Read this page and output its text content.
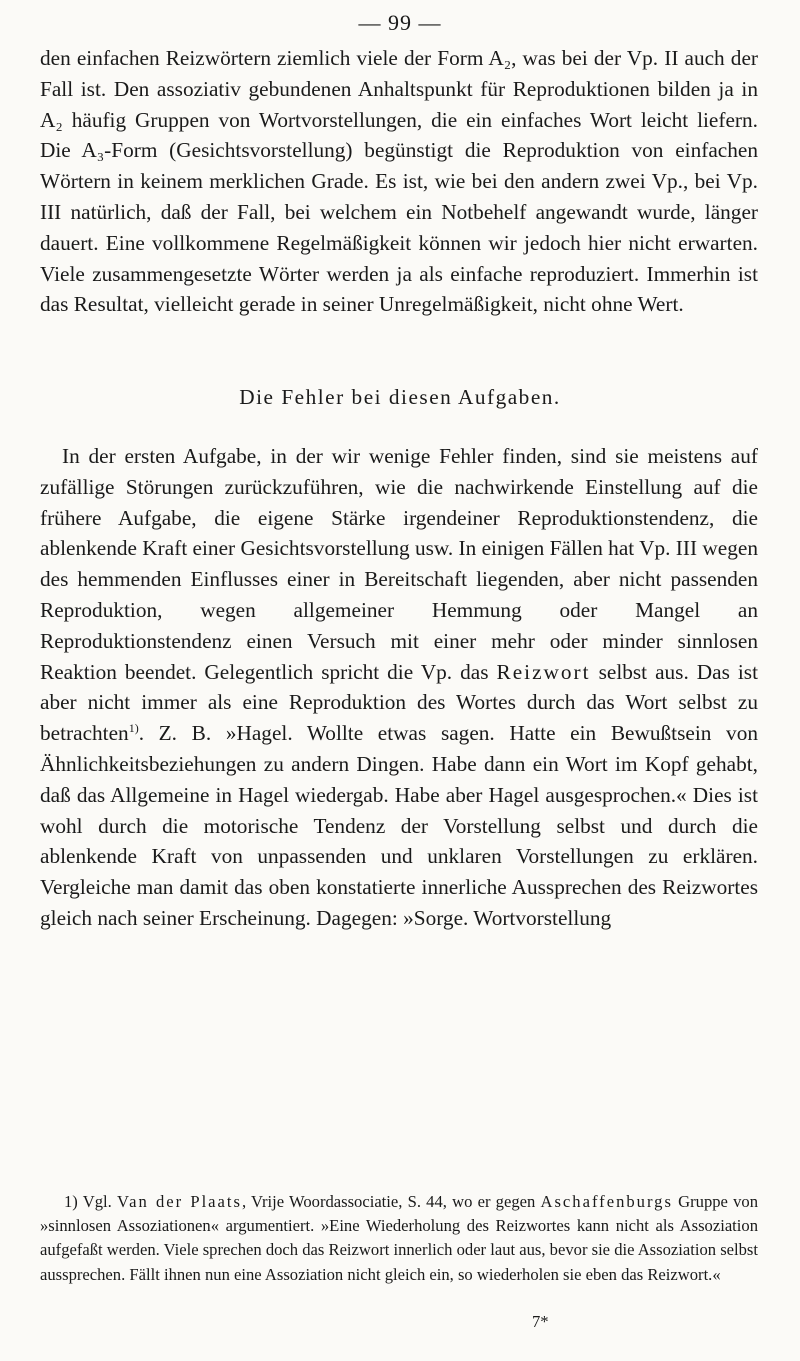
— 99 —

den einfachen Reizwörtern ziemlich viele der Form A₂, was bei der Vp. II auch der Fall ist. Den assoziativ gebundenen Anhaltspunkt für Reproduktionen bilden ja in A₂ häufig Gruppen von Wortvorstellungen, die ein einfaches Wort leicht liefern. Die A₃-Form (Gesichtsvorstellung) begünstigt die Reproduktion von einfachen Wörtern in keinem merklichen Grade. Es ist, wie bei den andern zwei Vp., bei Vp. III natürlich, daß der Fall, bei welchem ein Notbehelf angewandt wurde, länger dauert. Eine vollkommene Regelmäßigkeit können wir jedoch hier nicht erwarten. Viele zusammengesetzte Wörter werden ja als einfache reproduziert. Immerhin ist das Resultat, vielleicht gerade in seiner Unregelmäßigkeit, nicht ohne Wert.

Die Fehler bei diesen Aufgaben.

In der ersten Aufgabe, in der wir wenige Fehler finden, sind sie meistens auf zufällige Störungen zurückzuführen, wie die nachwirkende Einstellung auf die frühere Aufgabe, die eigene Stärke irgendeiner Reproduktionstendenz, die ablenkende Kraft einer Gesichtsvorstellung usw. In einigen Fällen hat Vp. III wegen des hemmenden Einflusses einer in Bereitschaft liegenden, aber nicht passenden Reproduktion, wegen allgemeiner Hemmung oder Mangel an Reproduktionstendenz einen Versuch mit einer mehr oder minder sinnlosen Reaktion beendet. Gelegentlich spricht die Vp. das Reizwort selbst aus. Das ist aber nicht immer als eine Reproduktion des Wortes durch das Wort selbst zu betrachten$^{1)}$. Z. B. »Hagel. Wollte etwas sagen. Hatte ein Bewußtsein von Ähnlichkeitsbeziehungen zu andern Dingen. Habe dann ein Wort im Kopf gehabt, daß das Allgemeine in Hagel wiedergab. Habe aber Hagel ausgesprochen.« Dies ist wohl durch die motorische Tendenz der Vorstellung selbst und durch die ablenkende Kraft von unpassenden und unklaren Vorstellungen zu erklären. Vergleiche man damit das oben konstatierte innerliche Aussprechen des Reizwortes gleich nach seiner Erscheinung. Dagegen: »Sorge. Wortvorstellung

1) Vgl. Van der Plaats, Vrije Woordassociatie, S. 44, wo er gegen Aschaffenburgs Gruppe von »sinnlosen Assoziationen« argumentiert. »Eine Wiederholung des Reizwortes kann nicht als Assoziation aufgefaßt werden. Viele sprechen doch das Reizwort innerlich oder laut aus, bevor sie die Assoziation selbst aussprechen. Fällt ihnen nun eine Assoziation nicht gleich ein, so wiederholen sie eben das Reizwort.«

7*
